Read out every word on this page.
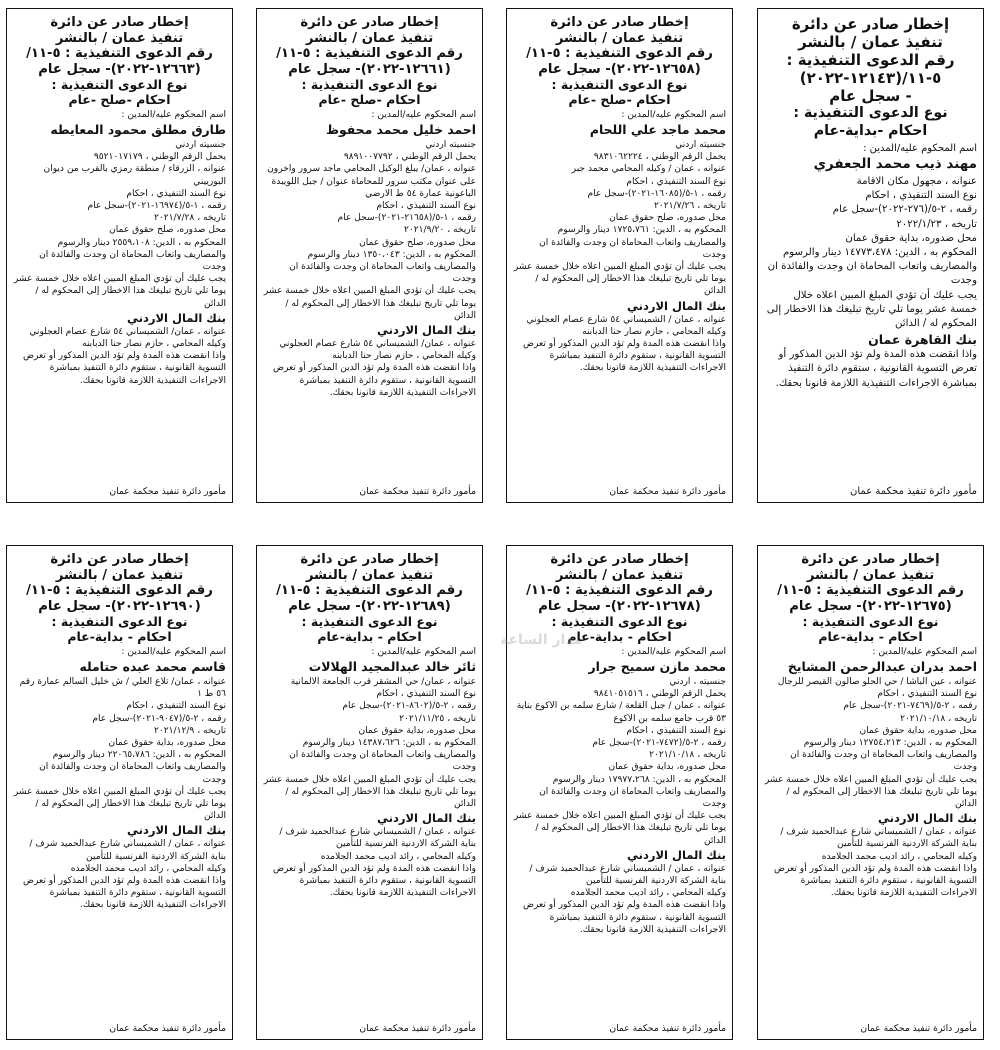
إخطار صادر عن دائرة
تنفيذ عمان / بالنشر
رقم الدعوى التنفيذية :
٥-١١/(١٢١٤٣-٢٠٢٢)
- سجل عام
نوع الدعوى التنفيذية :
احكام -بداية-عام
اسم المحكوم عليه/المدين :
مهند ذيب محمد الجعفري
عنوانه ، مجهول مكان الاقامة
نوع السند التنفيذي ، احكام
رقمه ، ٢-٥/(٢٧٦-٢٠٢٢)-سجل عام
تاريخه ، ٢٠٢٢/١/٢٣
محل صدوره، بداية حقوق عمان
المحكوم به ، الدين: ١٤٧٧٣،٤٧٨ دينار والرسوم والمصاريف واتعاب المحاماة ان وجدت والفائدة ان وجدت
يجب عليك أن تؤدي المبلغ المبين اعلاه خلال خمسة عشر يوما تلي تاريخ تبليغك هذا الاخطار إلى المحكوم له / الدائن
بنك القاهرة عمان
واذا انقضت هذه المدة ولم تؤد الدين المذكور أو تعرض التسوية القانونية ، ستقوم دائرة التنفيذ بمباشرة الاجراءات التنفيذية اللازمة قانونا بحقك.
مأمور دائرة تنفيذ محكمة عمان
إخطار صادر عن دائرة
تنفيذ عمان / بالنشر
رقم الدعوى التنفيذية : ٥-١١/
(١٢٦٥٨-٢٠٢٢)- سجل عام
نوع الدعوى التنفيذية :
احكام -صلح -عام
اسم المحكوم عليه/المدين :
محمد ماجد علي اللحام
جنسيته اردني
يحمل الرقم الوطني ، ٩٨٣١٠٦٢٢٢٤
عنوانه ، عمان / وكيله المحامي محمد جبر
نوع السند التنفيذي ، احكام
رقمه ، ١-٥/(١٦٠٨٥-٢٠٢١)-سجل عام
تاريخه ، ٢٠٢١/٧/٢٦
محل صدوره، صلح حقوق عمان
المحكوم به ، الدين: ١٧٢٥،٧٦١ دينار والرسوم والمصاريف واتعاب المحاماة ان وجدت والفائدة ان وجدت
يجب عليك أن تؤدي المبلغ المبين اعلاه خلال خمسة عشر يوما تلي تاريخ تبليغك هذا الاخطار إلى المحكوم له / الدائن
بنك المال الاردني
عنوانه ، عمان / الشميساني ٥٤ شارع عصام العجلوني
وكيله المحامي ، حازم نصار حنا الدبابنه
واذا انقضت هذه المدة ولم تؤد الدين المذكور أو تعرض التسوية القانونية ، ستقوم دائرة التنفيذ بمباشرة الاجراءات التنفيذية اللازمة قانونا بحقك.
مأمور دائرة تنفيذ محكمة عمان
إخطار صادر عن دائرة
تنفيذ عمان / بالنشر
رقم الدعوى التنفيذية : ٥-١١/
(١٢٦٦١-٢٠٢٢)- سجل عام
نوع الدعوى التنفيذية :
احكام -صلح -عام
اسم المحكوم عليه/المدين :
احمد خليل محمد محفوظ
جنسيته اردني
يحمل الرقم الوطني ، ٩٨٩١٠٠٧٧٩٢
عنوانه ، عمان/ يبلغ الوكيل المحامي ماجد سرور واخرون على عنوان مكتب سرور للمحاماة عنوان / جبل اللويبدة الباعونية عمارة ٥٤ ط الارضي
نوع السند التنفيذي ، احكام
رقمه ، ١-٥/(٢١٦٥٨-٢٠٢١)-سجل عام
تاريخه ، ٢٠٢١/٩/٢٠
محل صدوره، صلح حقوق عمان
المحكوم به ، الدين: ١٣٥٠،٠٤٣ دينار والرسوم والمصاريف واتعاب المحاماة ان وجدت والفائدة ان وجدت
يجب عليك أن تؤدي المبلغ المبين اعلاه خلال خمسة عشر يوما تلي تاريخ تبليغك هذا الاخطار إلى المحكوم له / الدائن
بنك المال الاردني
عنوانه ، عمان/ الشميساني ٥٤ شارع عصام العجلوني
وكيله المحامي ، حازم نصار حنا الدبابنه
واذا انقضت هذه المدة ولم تؤد الدين المذكور أو تعرض التسوية القانونية ، ستقوم دائرة التنفيذ بمباشرة الاجراءات التنفيذية اللازمة قانونا بحقك.
مأمور دائرة تنفيذ محكمة عمان
إخطار صادر عن دائرة
تنفيذ عمان / بالنشر
رقم الدعوى التنفيذية : ٥-١١/
(١٢٦٦٣-٢٠٢٢)- سجل عام
نوع الدعوى التنفيذية :
احكام -صلح -عام
اسم المحكوم عليه/المدين :
طارق مطلق محمود المعايطه
جنسيته اردني
يحمل الرقم الوطني ، ٩٥٢١٠١٧١٧٩
عنوانه ، الزرقاء / منطقة رمزي بالقرب من ديوان البورييني
نوع السند التنفيذي ، احكام
رقمه ، ١-٥/(١٦٩٧٤-٢٠٢١)-سجل عام
تاريخه ، ٢٠٢١/٧/٢٨
محل صدوره، صلح حقوق عمان
المحكوم به ، الدين: ٢٥٥٩،١٠٨ دينار والرسوم والمصاريف واتعاب المحاماة ان وجدت والفائدة ان وجدت
يجب عليك أن تؤدي المبلغ المبين اعلاه خلال خمسة عشر يوما تلي تاريخ تبليغك هذا الاخطار إلى المحكوم له / الدائن
بنك المال الاردني
عنوانه ، عمان/ الشميساني ٥٤ شارع عصام العجلوني
وكيله المحامي ، حازم نصار حنا الدبابنه
واذا انقضت هذه المدة ولم تؤد الدين المذكور أو تعرض التسوية القانونية ، ستقوم دائرة التنفيذ بمباشرة الاجراءات التنفيذية اللازمة قانونا بحقك.
مأمور دائرة تنفيذ محكمة عمان
إخطار صادر عن دائرة
تنفيذ عمان / بالنشر
رقم الدعوى التنفيذية : ٥-١١/
(١٢٦٧٥-٢٠٢٢)- سجل عام
نوع الدعوى التنفيذية :
احكام - بداية-عام
اسم المحكوم عليه/المدين :
احمد بدران عبدالرحمن المشايخ
عنوانه ، عين الباشا / حي الحلو صالون القيصر للرجال
نوع السند التنفيذي ، احكام
رقمه ، ٢-٥/(٧٤٦٩-٢٠٢١)-سجل عام
تاريخه ، ٢٠٢١/١٠/١٨
محل صدوره، بداية حقوق عمان
المحكوم به ، الدين: ١٢٧٥٤،٢١٣ دينار والرسوم والمصاريف واتعاب المحاماة ان وجدت والفائدة ان وجدت
يجب عليك أن تؤدي المبلغ المبين اعلاه خلال خمسة عشر يوما تلي تاريخ تبليغك هذا الاخطار إلى المحكوم له / الدائن
بنك المال الاردني
عنوانه ، عمان / الشميساني شارع عبدالحميد شرف / بناية الشركة الاردنية الفرنسية للتأمين
وكيله المحامي ، رائد اديب محمد الجلامده
واذا انقضت هذه المدة ولم تؤد الدين المذكور أو تعرض التسوية القانونية ، ستقوم دائرة التنفيذ بمباشرة الاجراءات التنفيذية اللازمة قانونا بحقك.
مأمور دائرة تنفيذ محكمة عمان
إخطار صادر عن دائرة
تنفيذ عمان / بالنشر
رقم الدعوى التنفيذية : ٥-١١/
(١٢٦٧٨-٢٠٢٢)- سجل عام
نوع الدعوى التنفيذية :
احكام - بداية-عام
اسم المحكوم عليه/المدين :
محمد مازن سميح جرار
جنسيته ، اردني
يحمل الرقم الوطني ، ٩٨٤١٠٥١٥١٦
عنوانه ، عمان / جبل القلعة / شارع سلمه بن الاكوع بناية ٥٣ قرب جامع سلمه بن الاكوع
نوع السند التنفيذي ، احكام
رقمه ، ٢-٥/(٧٤٧٢-٢٠٢١)-سجل عام
تاريخه ، ٢٠٢١/١٠/١٨
محل صدوره، بداية حقوق عمان
المحكوم به ، الدين: ١٧٩٧٧،٢٦٨ دينار والرسوم والمصاريف واتعاب المحاماة ان وجدت والفائدة ان وجدت
يجب عليك أن تؤدي المبلغ المبين اعلاه خلال خمسة عشر يوما تلي تاريخ تبليغك هذا الاخطار إلى المحكوم له / الدائن
بنك المال الاردني
عنوانه ، عمان / الشميساني شارع عبدالحميد شرف / بناية الشركة الاردنية الفرنسية للتأمين
وكيله المحامي ، رائد اديب محمد الجلامده
واذا انقضت هذه المدة ولم تؤد الدين المذكور أو تعرض التسوية القانونية ، ستقوم دائرة التنفيذ بمباشرة الاجراءات التنفيذية اللازمة قانونا بحقك.
مأمور دائرة تنفيذ محكمة عمان
إخطار صادر عن دائرة
تنفيذ عمان / بالنشر
رقم الدعوى التنفيذية : ٥-١١/
(١٢٦٨٩-٢٠٢٢)- سجل عام
نوع الدعوى التنفيذية :
احكام - بداية-عام
اسم المحكوم عليه/المدين :
ثائر خالد عبدالمجيد الهلالات
عنوانه ، عمان/ حي المشقر قرب الجامعة الالمانية
نوع السند التنفيذي ، احكام
رقمه ، ٢-٥/(٨٦٠٢-٢٠٢١)-سجل عام
تاريخه ، ٢٠٢١/١١/٢٥
محل صدوره، بداية حقوق عمان
المحكوم به ، الدين: ١٤٣٨٧،٦٢٦ دينار والرسوم والمصاريف واتعاب المحاماة ان وجدت والفائدة ان وجدت
يجب عليك أن تؤدي المبلغ المبين اعلاه خلال خمسة عشر يوما تلي تاريخ تبليغك هذا الاخطار إلى المحكوم له / الدائن
بنك المال الاردني
عنوانه ، عمان / الشميساني شارع عبدالحميد شرف / بناية الشركة الاردنية الفرنسية للتأمين
وكيله المحامي ، رائد اديب محمد الجلامده
واذا انقضت هذه المدة ولم تؤد الدين المذكور أو تعرض التسوية القانونية ، ستقوم دائرة التنفيذ بمباشرة الاجراءات التنفيذية اللازمة قانونا بحقك.
مأمور دائرة تنفيذ محكمة عمان
إخطار صادر عن دائرة
تنفيذ عمان / بالنشر
رقم الدعوى التنفيذية : ٥-١١/
(١٢٦٩٠-٢٠٢٢)- سجل عام
نوع الدعوى التنفيذية :
احكام - بداية-عام
اسم المحكوم عليه/المدين :
قاسم محمد عبده حتامله
عنوانه ، عمان/ تلاع العلي / ش خليل السالم عمارة رقم ٥٦ ط ١
نوع السند التنفيذي ، احكام
رقمه ، ٢-٥/(٩٠٤٧-٢٠٢١)-سجل عام
تاريخه ، ٢٠٢١/١٢/٩
محل صدوره، بداية حقوق عمان
المحكوم به ، الدين: ٢٢٠٦٥،٧٨٦ دينار والرسوم والمصاريف واتعاب المحاماة ان وجدت والفائدة ان وجدت
يجب عليك أن تؤدي المبلغ المبين اعلاه خلال خمسة عشر يوما تلي تاريخ تبليغك هذا الاخطار إلى المحكوم له / الدائن
بنك المال الاردني
عنوانه ، عمان / الشميساني شارع عبدالحميد شرف / بناية الشركة الاردنية الفرنسية للتأمين
وكيله المحامي ، رائد اديب محمد الجلامده
واذا انقضت هذه المدة ولم تؤد الدين المذكور أو تعرض التسوية القانونية ، ستقوم دائرة التنفيذ بمباشرة الاجراءات التنفيذية اللازمة قانونا بحقك.
مأمور دائرة تنفيذ محكمة عمان
مدار الساعة
